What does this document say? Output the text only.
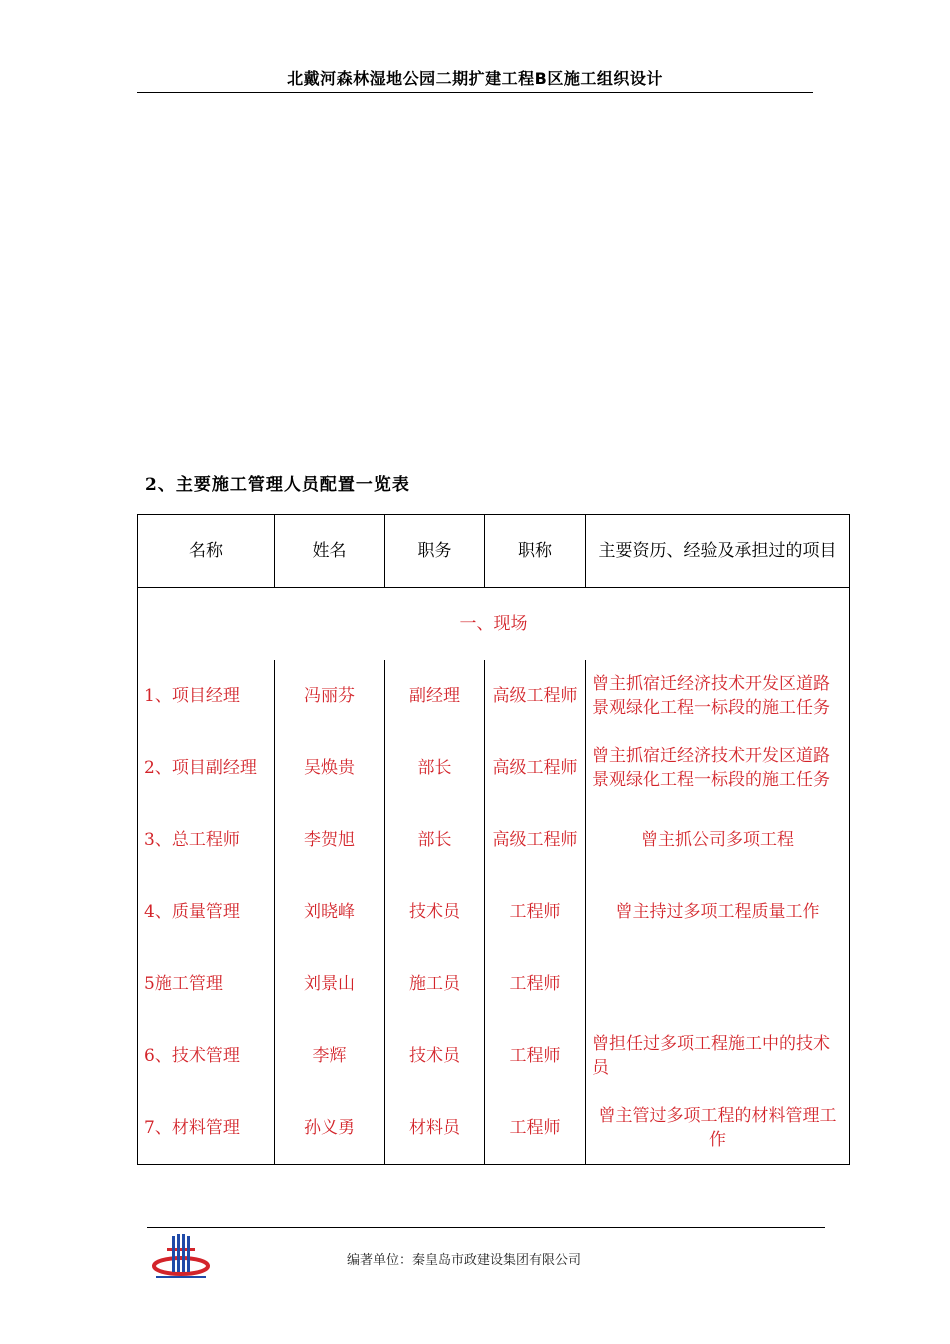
北戴河森林湿地公园二期扩建工程B区施工组织设计
2、主要施工管理人员配置一览表
名称	姓名	职务	职称	主要资历、经验及承担过的项目
一、现场				
1、项目经理	冯丽芬	副经理	高级工程师	曾主抓宿迁经济技术开发区道路景观绿化工程一标段的施工任务
2、项目副经理	吴焕贵	部长	高级工程师	曾主抓宿迁经济技术开发区道路景观绿化工程一标段的施工任务
3、总工程师	李贺旭	部长	高级工程师	曾主抓公司多项工程
4、质量管理	刘晓峰	技术员	工程师	曾主持过多项工程质量工作
5施工管理	刘景山	施工员	工程师	
6、技术管理	李辉	技术员	工程师	曾担任过多项工程施工中的技术员
7、材料管理	孙义勇	材料员	工程师	曾主管过多项工程的材料管理工作
编著单位：秦皇岛市政建设集团有限公司
